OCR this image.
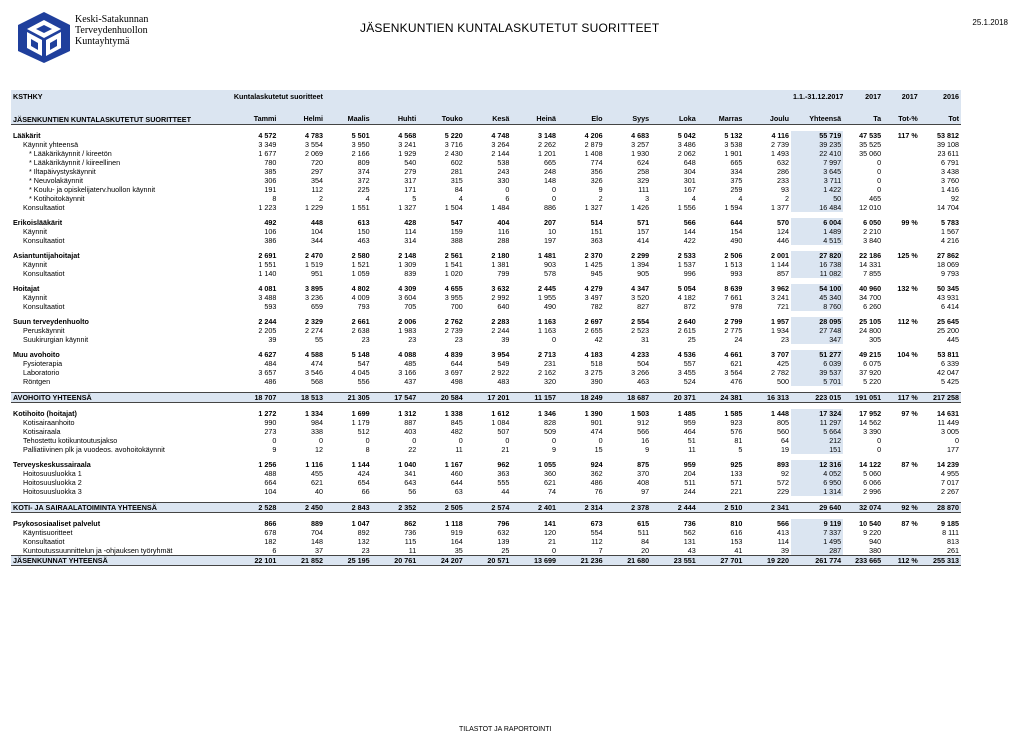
Keski-Satakunnan
Terveydenhuollon
Kuntayhtymä
JÄSENKUNTIEN KUNTALASKUTETUT SUORITTEET	25.1.2018
KSTHKY	Kuntalaskutetut suoritteet												1.1.-31.12.2017	2017	2017	2016
JÄSENKUNTIEN KUNTALASKUTETUT SUORITTEET	Tammi	Helmi	Maalis	Huhti	Touko	Kesä	Heinä	Elo	Syys	Loka	Marras	Joulu	Yhteensä	Ta	Tot-%	Tot

Lääkärit	4 572	4 783	5 501	4 568	5 220	4 748	3 148	4 206	4 683	5 042	5 132	4 116	55 719	47 535	117 %	53 812
Käynnit yhteensä	3 349	3 554	3 950	3 241	3 716	3 264	2 262	2 879	3 257	3 486	3 538	2 739	39 235	35 525		39 108
* Lääkärikäynnit / kireetön	1 677	2 069	2 166	1 929	2 430	2 144	1 201	1 408	1 930	2 062	1 901	1 493	22 410	35 060		23 611
* Lääkärikäynnit / kiireellinen	780	720	809	540	602	538	665	774	624	648	665	632	7 997	0		6 791
* Iltapäivystyskäynnit	385	297	374	279	281	243	248	356	258	304	334	286	3 645	0		3 438
* Neuvolakäynnit	306	354	372	317	315	330	148	326	329	301	375	233	3 711	0		3 760
* Koulu- ja opiskelijaterv.huollon käynnit	191	112	225	171	84	0	0	9	111	167	259	93	1 422	0		1 416
* Kotihoitokäynnit	8	2	4	5	4	6	0	2	3	4	4	2	50	465		92
Konsultaatiot	1 223	1 229	1 551	1 327	1 504	1 484	886	1 327	1 426	1 556	1 594	1 377	16 484	12 010		14 704

Erikoislääkärit	492	448	613	428	547	404	207	514	571	566	644	570	6 004	6 050	99 %	5 783
Käynnit	106	104	150	114	159	116	10	151	157	144	154	124	1 489	2 210		1 567
Konsultaatiot	386	344	463	314	388	288	197	363	414	422	490	446	4 515	3 840		4 216

Asiantuntijahoitajat	2 691	2 470	2 580	2 148	2 561	2 180	1 481	2 370	2 299	2 533	2 506	2 001	27 820	22 186	125 %	27 862
Käynnit	1 551	1 519	1 521	1 309	1 541	1 381	903	1 425	1 394	1 537	1 513	1 144	16 738	14 331		18 069
Konsultaatiot	1 140	951	1 059	839	1 020	799	578	945	905	996	993	857	11 082	7 855		9 793

Hoitajat	4 081	3 895	4 802	4 309	4 655	3 632	2 445	4 279	4 347	5 054	8 639	3 962	54 100	40 960	132 %	50 345
Käynnit	3 488	3 236	4 009	3 604	3 955	2 992	1 955	3 497	3 520	4 182	7 661	3 241	45 340	34 700		43 931
Konsultaatiot	593	659	793	705	700	640	490	782	827	872	978	721	8 760	6 260		6 414

Suun terveydenhuolto	2 244	2 329	2 661	2 006	2 762	2 283	1 163	2 697	2 554	2 640	2 799	1 957	28 095	25 105	112 %	25 645
Peruskäynnit	2 205	2 274	2 638	1 983	2 739	2 244	1 163	2 655	2 523	2 615	2 775	1 934	27 748	24 800		25 200
Suukirurgian käynnit	39	55	23	23	23	39	0	42	31	25	24	23	347	305		445

Muu avohoito	4 627	4 588	5 148	4 088	4 839	3 954	2 713	4 183	4 233	4 536	4 661	3 707	51 277	49 215	104 %	53 811
Fysioterapia	484	474	547	485	644	549	231	518	504	557	621	425	6 039	6 075		6 339
Laboratorio	3 657	3 546	4 045	3 166	3 697	2 922	2 162	3 275	3 266	3 455	3 564	2 782	39 537	37 920		42 047
Röntgen	486	568	556	437	498	483	320	390	463	524	476	500	5 701	5 220		5 425

AVOHOITO YHTEENSÄ	18 707	18 513	21 305	17 547	20 584	17 201	11 157	18 249	18 687	20 371	24 381	16 313	223 015	191 051	117 %	217 258

Kotihoito (hoitajat)	1 272	1 334	1 699	1 312	1 338	1 612	1 346	1 390	1 503	1 485	1 585	1 448	17 324	17 952	97 %	14 631
Kotisairaanhoito	990	984	1 179	887	845	1 084	828	901	912	959	923	805	11 297	14 562		11 449
Kotisairaala	273	338	512	403	482	507	509	474	566	464	576	560	5 664	3 390		3 005
Tehostettu kotikuntoutusjakso	0	0	0	0	0	0	0	0	16	51	81	64	212	0		0
Palliatiivinen plk ja vuodeos. avohoitokäynnit	9	12	8	22	11	21	9	15	9	11	5	19	151	0		177

Terveyskeskussairaala	1 256	1 116	1 144	1 040	1 167	962	1 055	924	875	959	925	893	12 316	14 122	87 %	14 239
Hoitosuusluokka 1	488	455	424	341	460	363	360	362	370	204	133	92	4 052	5 060		4 955
Hoitosuusluokka 2	664	621	654	643	644	555	621	486	408	511	571	572	6 950	6 066		7 017
Hoitosuusluokka 3	104	40	66	56	63	44	74	76	97	244	221	229	1 314	2 996		2 267

KOTI- JA SAIRAALATOIMINTA YHTEENSÄ	2 528	2 450	2 843	2 352	2 505	2 574	2 401	2 314	2 378	2 444	2 510	2 341	29 640	32 074	92 %	28 870

Psykososiaaliset palvelut	866	889	1 047	862	1 118	796	141	673	615	736	810	566	9 119	10 540	87 %	9 185
Käyntisuoritteet	678	704	892	736	919	632	120	554	511	562	616	413	7 337	9 220		8 111
Konsultaatiot	182	148	132	115	164	139	21	112	84	131	153	114	1 495	940		813
Kuntoutussuunnittelun ja -ohjauksen työryhmät	6	37	23	11	35	25	0	7	20	43	41	39	287	380		261
JÄSENKUNNAT YHTEENSÄ	22 101	21 852	25 195	20 761	24 207	20 571	13 699	21 236	21 680	23 551	27 701	19 220	261 774	233 665	112 %	255 313
TILASTOT JA RAPORTOINTI
